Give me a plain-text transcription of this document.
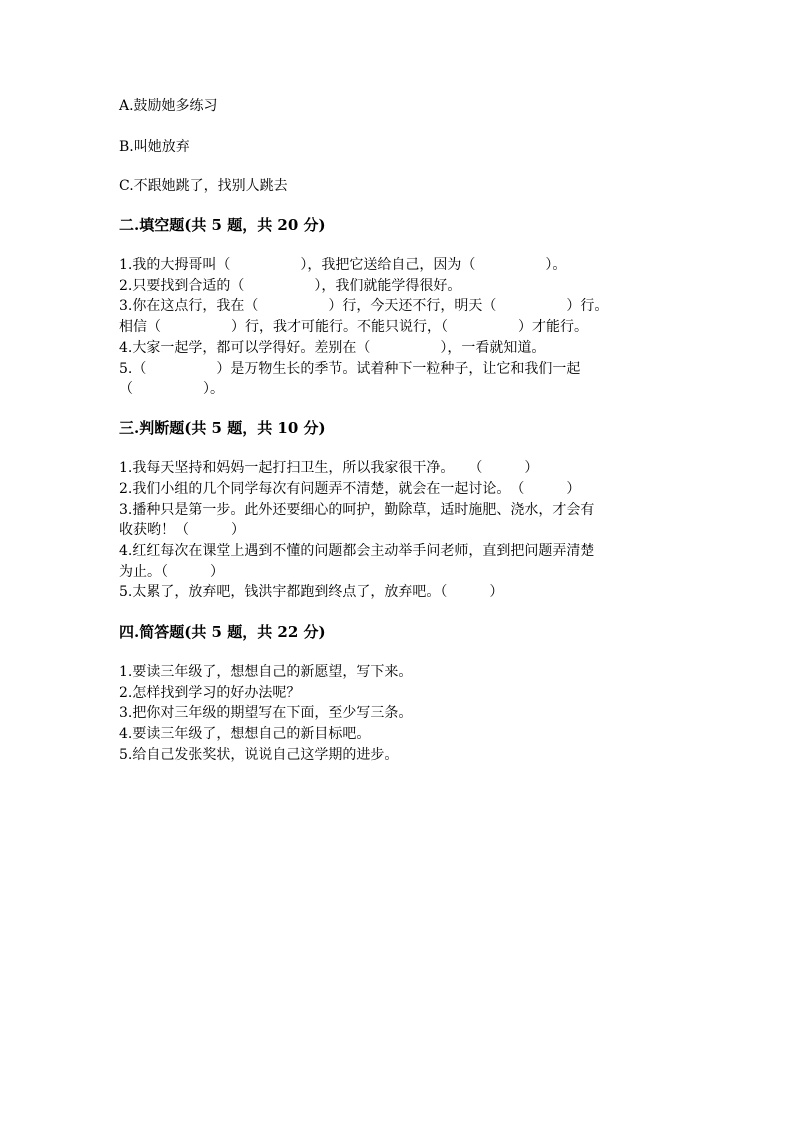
A.鼓励她多练习
B.叫她放弃
C.不跟她跳了，找别人跳去
二.填空题(共 5 题，共 20 分)
1.我的大拇哥叫（　　　　　），我把它送给自己，因为（　　　　　）。
2.只要找到合适的（　　　　　），我们就能学得很好。
3.你在这点行，我在（　　　　　）行，今天还不行，明天（　　　　　）行。
相信（　　　　　）行，我才可能行。不能只说行，（　　　　　）才能行。
4.大家一起学，都可以学得好。差别在（　　　　　），一看就知道。
5.（　　　　　）是万物生长的季节。试着种下一粒种子，让它和我们一起
（　　　　　）。
三.判断题(共 5 题，共 10 分)
1.我每天坚持和妈妈一起打扫卫生，所以我家很干净。　　（　　　）
2.我们小组的几个同学每次有问题弄不清楚，就会在一起讨论。　（　　　）
3.播种只是第一步。此外还要细心的呵护，勤除草，适时施肥、浇水，才会有
收获哟！（　　　）
4.红红每次在课堂上遇到不懂的问题都会主动举手问老师，直到把问题弄清楚
为止。（　　　）
5.太累了，放弃吧，钱洪宇都跑到终点了，放弃吧。（　　　）
四.简答题(共 5 题，共 22 分)
1.要读三年级了，想想自己的新愿望，写下来。
2.怎样找到学习的好办法呢？
3.把你对三年级的期望写在下面，至少写三条。
4.要读三年级了，想想自己的新目标吧。
5.给自己发张奖状，说说自己这学期的进步。
